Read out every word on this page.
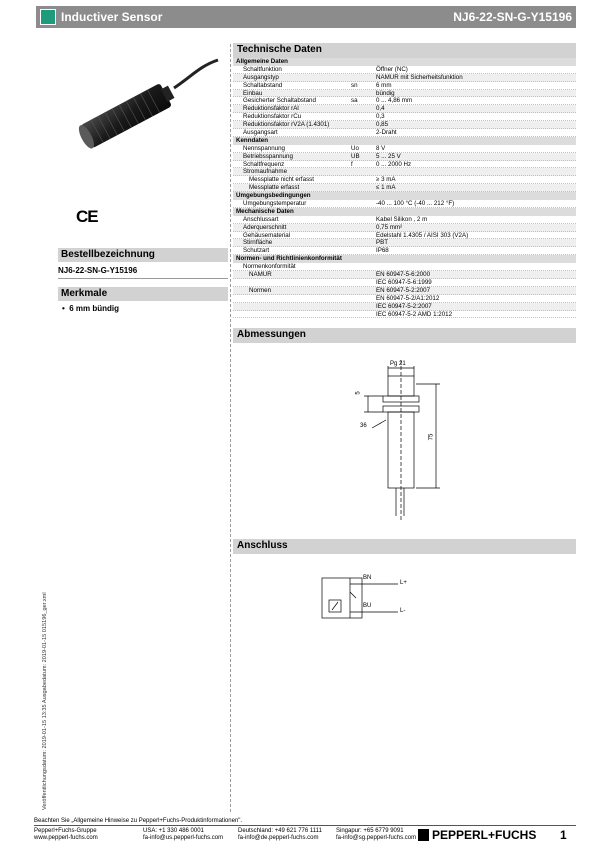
Inductiver Sensor	NJ6-22-SN-G-Y15196
CE
Bestellbezeichnung
NJ6-22-SN-G-Y15196
Merkmale
•  6 mm bündig
Technische Daten
Allgemeine Daten
Schaltfunktion	Öffner (NC)
Ausgangstyp	NAMUR mit Sicherheitsfunktion
Schaltabstand	sn	6 mm
Einbau	bündig
Gesicherter Schaltabstand	sa	0 ... 4,86 mm
Reduktionsfaktor rAl	0,4
Reduktionsfaktor rCu	0,3
Reduktionsfaktor rV2A (1.4301)	0,85
Ausgangsart	2-Draht
Kenndaten
Nennspannung	Uo	8 V
Betriebsspannung	UB	5 ... 25 V
Schaltfrequenz	f	0 ... 2000 Hz
Stromaufnahme
Messplatte nicht erfasst	≥ 3 mA
Messplatte erfasst	≤ 1 mA
Umgebungsbedingungen
Umgebungstemperatur	-40 ... 100 °C (-40 ... 212 °F)
Mechanische Daten
Anschlussart	Kabel Silikon , 2 m
Aderquerschnitt	0,75 mm²
Gehäusematerial	Edelstahl 1.4305 / AISI 303 (V2A)
Stirnfläche	PBT
Schutzart	IP68
Normen- und Richtlinienkonformität
Normenkonformität
NAMUR	EN 60947-5-6:2000
IEC 60947-5-6:1999
Normen	EN 60947-5-2:2007
EN 60947-5-2/A1:2012
IEC 60947-5-2:2007
IEC 60947-5-2 AMD 1:2012
Abmessungen
Pg 21
5
36
75
Anschluss
BN
BU
L+
L-
Veröffentlichungsdatum: 2019-01-15 13:35 Ausgabedatum: 2019-01-15 015196_ger.xml
Beachten Sie „Allgemeine Hinweise zu Pepperl+Fuchs-Produktinformationen".
Pepperl+Fuchs-Gruppe
www.pepperl-fuchs.com
USA: +1 330 486 0001
fa-info@us.pepperl-fuchs.com
Deutschland: +49 621 776 1111
fa-info@de.pepperl-fuchs.com
Singapur: +65 6779 9091
fa-info@sg.pepperl-fuchs.com	PEPPERL+FUCHS 1
